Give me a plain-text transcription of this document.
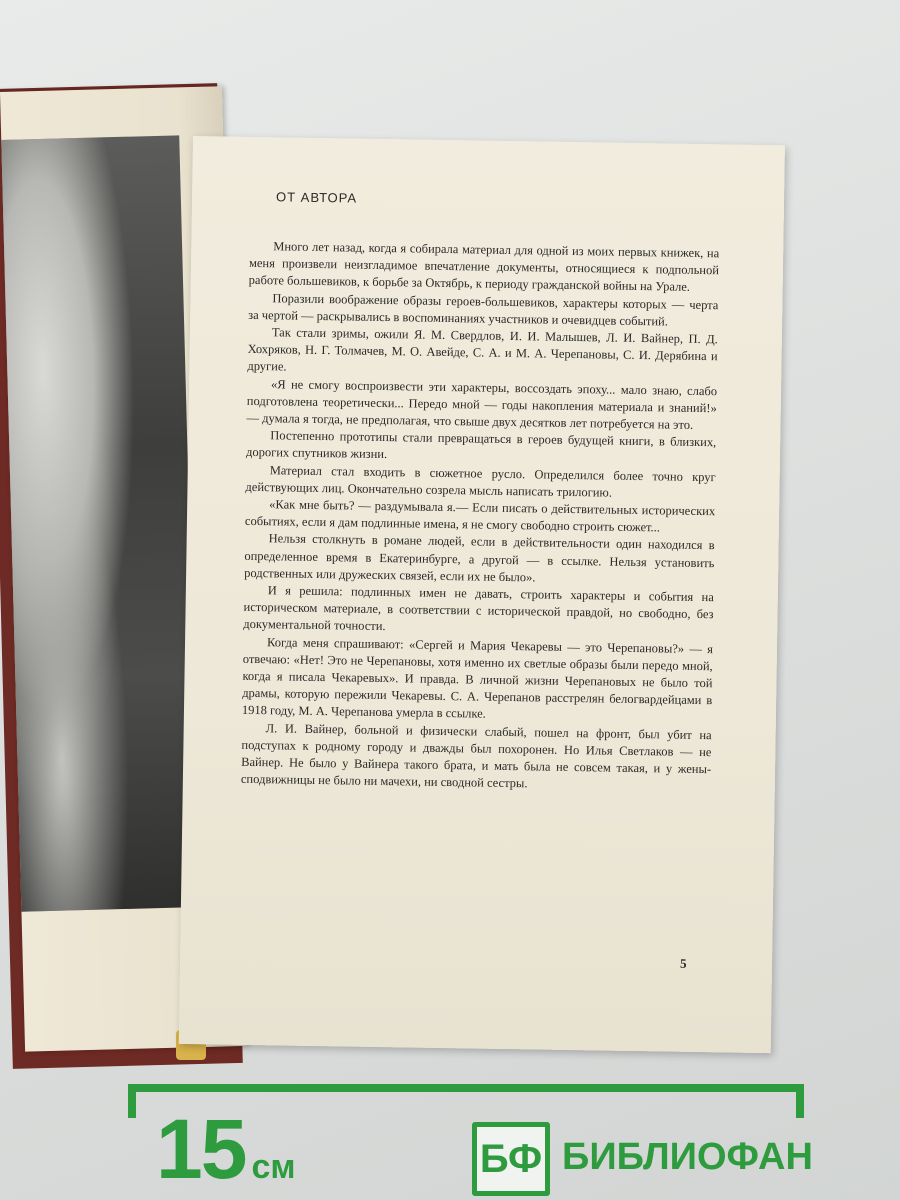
ОТ АВТОРА

Много лет назад, когда я собирала материал для одной из моих первых книжек, на меня произвели неизгладимое впечатление документы, относящиеся к подпольной работе большевиков, к борьбе за Октябрь, к периоду гражданской войны на Урале.

Поразили воображение образы героев-большевиков, характеры которых — черта за чертой — раскрывались в воспоминаниях участников и очевидцев событий.

Так стали зримы, ожили Я. М. Свердлов, И. И. Малышев, Л. И. Вайнер, П. Д. Хохряков, Н. Г. Толмачев, М. О. Авейде, С. А. и М. А. Черепановы, С. И. Дерябина и другие.

«Я не смогу воспроизвести эти характеры, воссоздать эпоху... мало знаю, слабо подготовлена теоретически... Передо мной — годы накопления материала и знаний!» — думала я тогда, не предполагая, что свыше двух десятков лет потребуется на это.

Постепенно прототипы стали превращаться в героев будущей книги, в близких, дорогих спутников жизни.

Материал стал входить в сюжетное русло. Определился более точно круг действующих лиц. Окончательно созрела мысль написать трилогию.

«Как мне быть? — раздумывала я.— Если писать о действительных исторических событиях, если я дам подлинные имена, я не смогу свободно строить сюжет...

Нельзя столкнуть в романе людей, если в действительности один находился в определенное время в Екатеринбурге, а другой — в ссылке. Нельзя установить родственных или дружеских связей, если их не было».

И я решила: подлинных имен не давать, строить характеры и события на историческом материале, в соответствии с исторической правдой, но свободно, без документальной точности.

Когда меня спрашивают: «Сергей и Мария Чекаревы — это Черепановы?» — я отвечаю: «Нет! Это не Черепановы, хотя именно их светлые образы были передо мной, когда я писала Чекаревых». И правда. В личной жизни Черепановых не было той драмы, которую пережили Чекаревы. С. А. Черепанов расстрелян белогвардейцами в 1918 году, М. А. Черепанова умерла в ссылке.

Л. И. Вайнер, больной и физически слабый, пошел на фронт, был убит на подступах к родному городу и дважды был похоронен. Но Илья Светлаков — не Вайнер. Не было у Вайнера такого брата, и мать была не совсем такая, и у жены-сподвижницы не было ни мачехи, ни сводной сестры.

5
15 см	БФ БИБЛИОФАН
